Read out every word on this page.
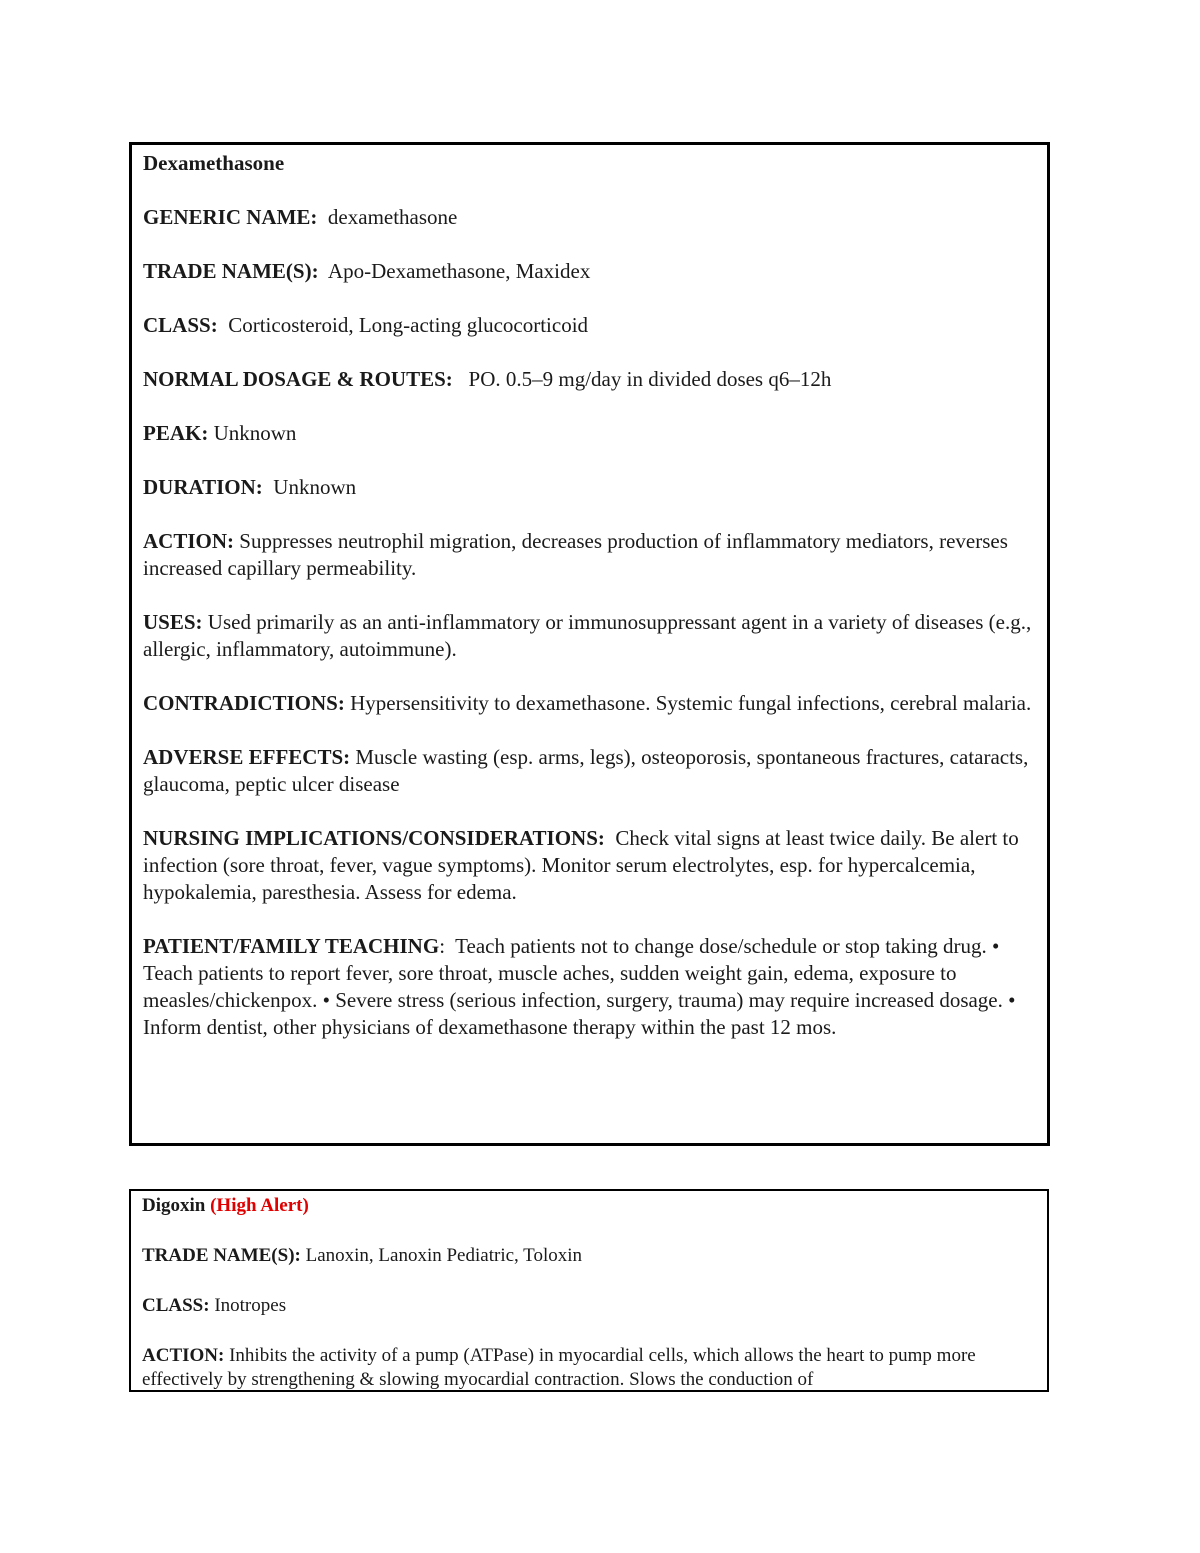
Dexamethasone

GENERIC NAME: dexamethasone

TRADE NAME(S): Apo-Dexamethasone, Maxidex

CLASS: Corticosteroid, Long-acting glucocorticoid

NORMAL DOSAGE & ROUTES: PO. 0.5–9 mg/day in divided doses q6–12h

PEAK: Unknown

DURATION: Unknown

ACTION: Suppresses neutrophil migration, decreases production of inflammatory mediators, reverses increased capillary permeability.

USES: Used primarily as an anti-inflammatory or immunosuppressant agent in a variety of diseases (e.g., allergic, inflammatory, autoimmune).

CONTRADICTIONS: Hypersensitivity to dexamethasone. Systemic fungal infections, cerebral malaria.

ADVERSE EFFECTS: Muscle wasting (esp. arms, legs), osteoporosis, spontaneous fractures, cataracts, glaucoma, peptic ulcer disease

NURSING IMPLICATIONS/CONSIDERATIONS: Check vital signs at least twice daily. Be alert to infection (sore throat, fever, vague symptoms). Monitor serum electrolytes, esp. for hypercalcemia, hypokalemia, paresthesia. Assess for edema.

PATIENT/FAMILY TEACHING: Teach patients not to change dose/schedule or stop taking drug. • Teach patients to report fever, sore throat, muscle aches, sudden weight gain, edema, exposure to measles/chickenpox. • Severe stress (serious infection, surgery, trauma) may require increased dosage. • Inform dentist, other physicians of dexamethasone therapy within the past 12 mos.

Digoxin (High Alert)

TRADE NAME(S): Lanoxin, Lanoxin Pediatric, Toloxin

CLASS: Inotropes

ACTION: Inhibits the activity of a pump (ATPase) in myocardial cells, which allows the heart to pump more effectively by strengthening & slowing myocardial contraction. Slows the conduction of
